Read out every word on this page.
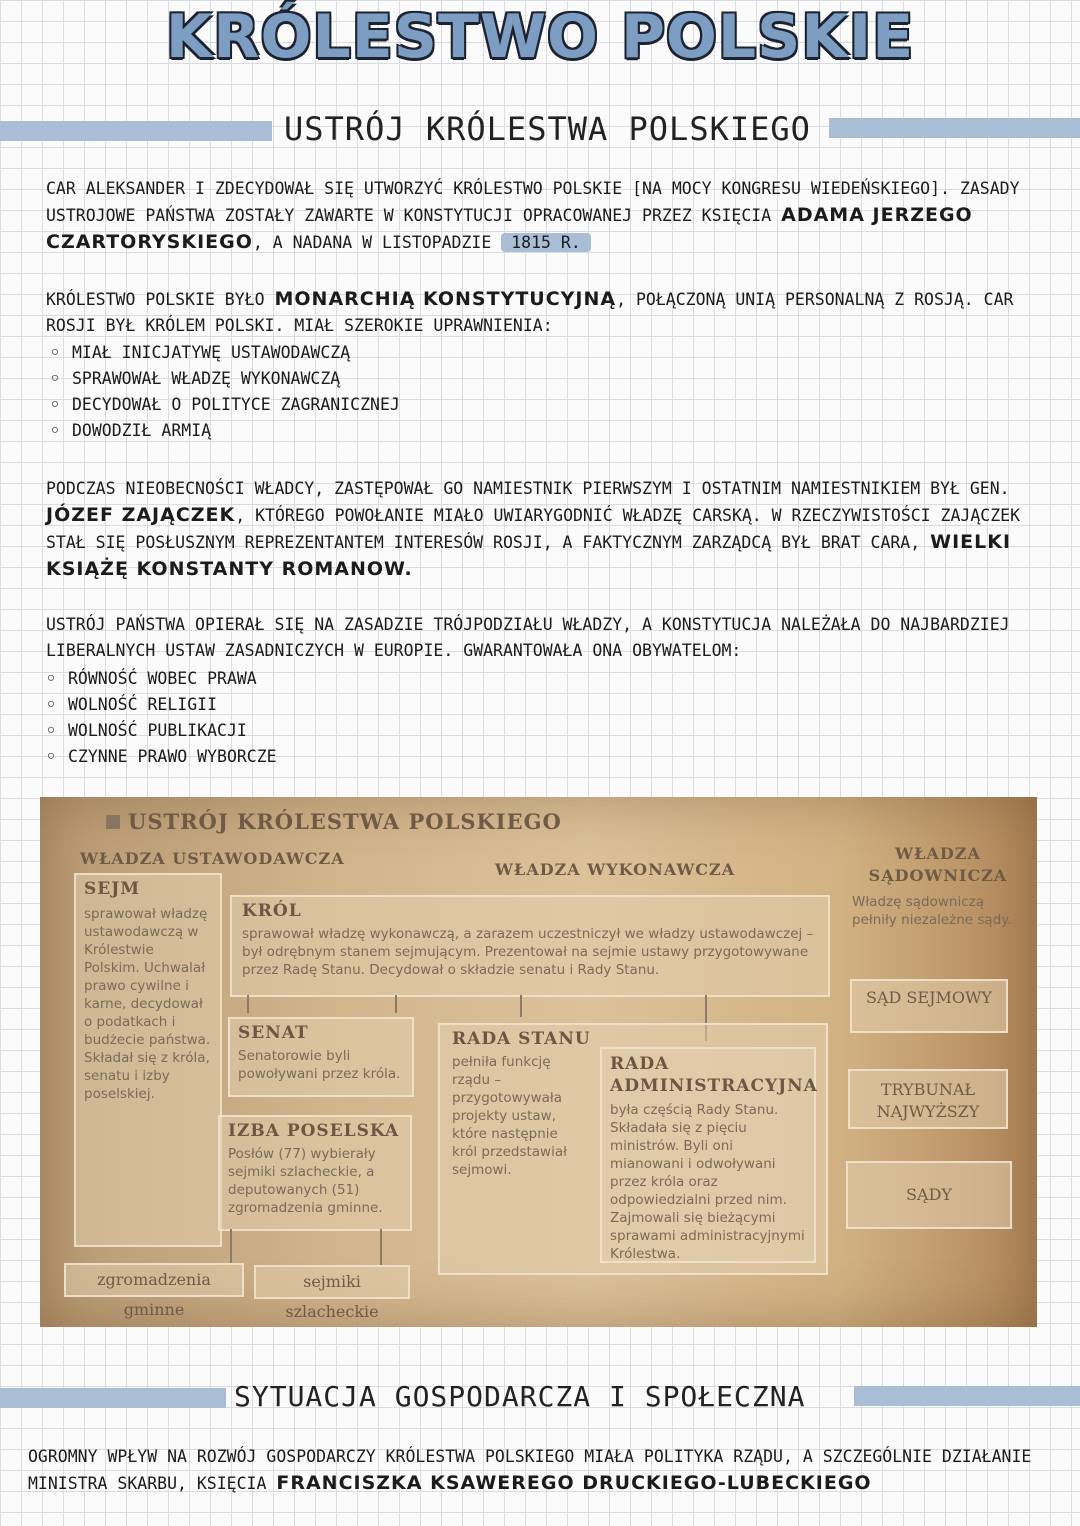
KRÓLESTWO POLSKIE
USTRÓJ KRÓLESTWA POLSKIEGO
CAR ALEKSANDER I ZDECYDOWAŁ SIĘ UTWORZYĆ KRÓLESTWO POLSKIE [NA MOCY KONGRESU WIEDEŃSKIEGO]. ZASADY USTROJOWE PAŃSTWA ZOSTAŁY ZAWARTE W KONSTYTUCJI OPRACOWANEJ PRZEZ KSIĘCIA ADAMA JERZEGO CZARTORYSKIEGO, A NADANA W LISTOPADZIE 1815 R.
KRÓLESTWO POLSKIE BYŁO MONARCHIĄ KONSTYTUCYJNĄ, POŁĄCZONĄ UNIĄ PERSONALNĄ Z ROSJĄ. CAR ROSJI BYŁ KRÓLEM POLSKI. MIAŁ SZEROKIE UPRAWNIENIA:
◦ MIAŁ INICJATYWĘ USTAWODAWCZĄ
◦ SPRAWOWAŁ WŁADZĘ WYKONAWCZĄ
◦ DECYDOWAŁ O POLITYCE ZAGRANICZNEJ
◦ DOWODZIŁ ARMIĄ
PODCZAS NIEOBECNOŚCI WŁADCY, ZASTĘPOWAŁ GO NAMIESTNIK PIERWSZYM I OSTATNIM NAMIESTNIKIEM BYŁ GEN. JÓZEF ZAJĄCZEK, KTÓREGO POWOŁANIE MIAŁO UWIARYGODNIĆ WŁADZĘ CARSKĄ. W RZECZYWISTOŚCI ZAJĄCZEK STAŁ SIĘ POSŁUSZNYM REPREZENTANTEM INTERESÓW ROSJI, A FAKTYCZNYM ZARZĄDCĄ BYŁ BRAT CARA, WIELKI KSIĄŻĘ KONSTANTY ROMANOW.
USTRÓJ PAŃSTWA OPIERAŁ SIĘ NA ZASADZIE TRÓJPODZIAŁU WŁADZY, A KONSTYTUCJA NALEŻAŁA DO NAJBARDZIEJ LIBERALNYCH USTAW ZASADNICZYCH W EUROPIE. GWARANTOWAŁA ONA OBYWATELOM:
◦ RÓWNOŚĆ WOBEC PRAWA
◦ WOLNOŚĆ RELIGII
◦ WOLNOŚĆ PUBLIKACJI
◦ CZYNNE PRAWO WYBORCZE
USTRÓJ KRÓLESTWA POLSKIEGO
WŁADZA USTAWODAWCZA
WŁADZA WYKONAWCZA
WŁADZA SĄDOWNICZA
SEJM
sprawował władzę ustawodawczą w Królestwie Polskim. Uchwalał prawo cywilne i karne, decydował o podatkach i budżecie państwa. Składał się z króla, senatu i izby poselskiej.
KRÓL
sprawował władzę wykonawczą, a zarazem uczestniczył we władzy ustawodawczej – był odrębnym stanem sejmującym. Prezentował na sejmie ustawy przygotowywane przez Radę Stanu. Decydował o składzie senatu i Rady Stanu.
SENAT
Senatorowie byli powoływani przez króla.
IZBA POSELSKA
Posłów (77) wybierały sejmiki szlacheckie, a deputowanych (51) zgromadzenia gminne.
zgromadzenia gminne
sejmiki szlacheckie
RADA STANU
pełniła funkcję rządu – przygotowywała projekty ustaw, które następnie król przedstawiał sejmowi.
RADA ADMINISTRACYJNA
była częścią Rady Stanu. Składała się z pięciu ministrów. Byli oni mianowani i odwoływani przez króla oraz odpowiedzialni przed nim. Zajmowali się bieżącymi sprawami administracyjnymi Królestwa.
Władzę sądowniczą pełniły niezależne sądy.
SĄD SEJMOWY
TRYBUNAŁ NAJWYŻSZY
SĄDY
SYTUACJA GOSPODARCZA I SPOŁECZNA
OGROMNY WPŁYW NA ROZWÓJ GOSPODARCZY KRÓLESTWA POLSKIEGO MIAŁA POLITYKA RZĄDU, A SZCZEGÓLNIE DZIAŁANIE MINISTRA SKARBU, KSIĘCIA FRANCISZKA KSAWEREGO DRUCKIEGO-LUBECKIEGO
